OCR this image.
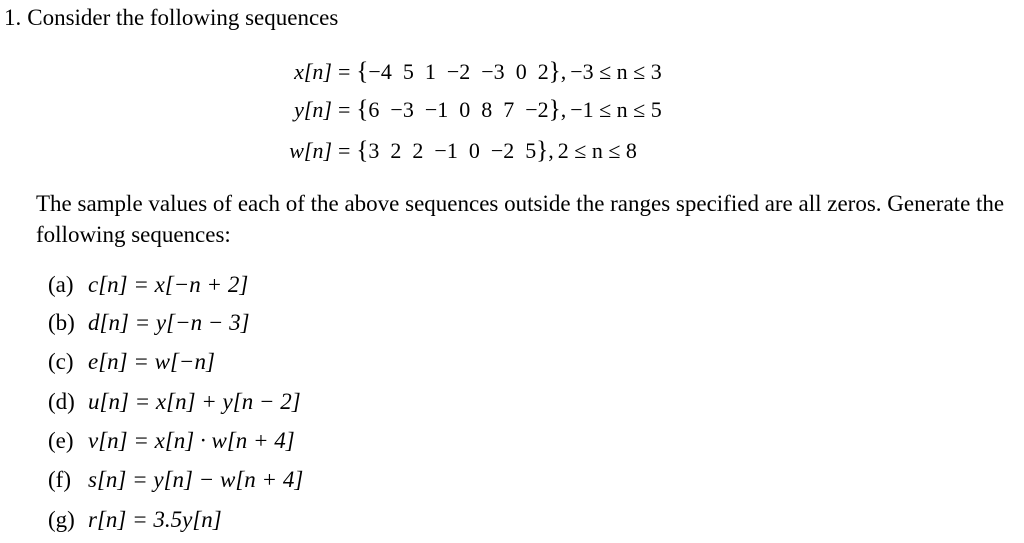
1. Consider the following sequences
x[n] = {−4 5 1 −2 −3 0 2}, −3 ≤ n ≤ 3
y[n] = {6 −3 −1 0 8 7 −2}, −1 ≤ n ≤ 5
w[n] = {3 2 2 −1 0 −2 5}, 2 ≤ n ≤ 8
The sample values of each of the above sequences outside the ranges specified are all zeros. Generate the following sequences:
(a) c[n] = x[−n + 2]
(b) d[n] = y[−n − 3]
(c) e[n] = w[−n]
(d) u[n] = x[n] + y[n − 2]
(e) v[n] = x[n] · w[n + 4]
(f) s[n] = y[n] − w[n + 4]
(g) r[n] = 3.5y[n]
